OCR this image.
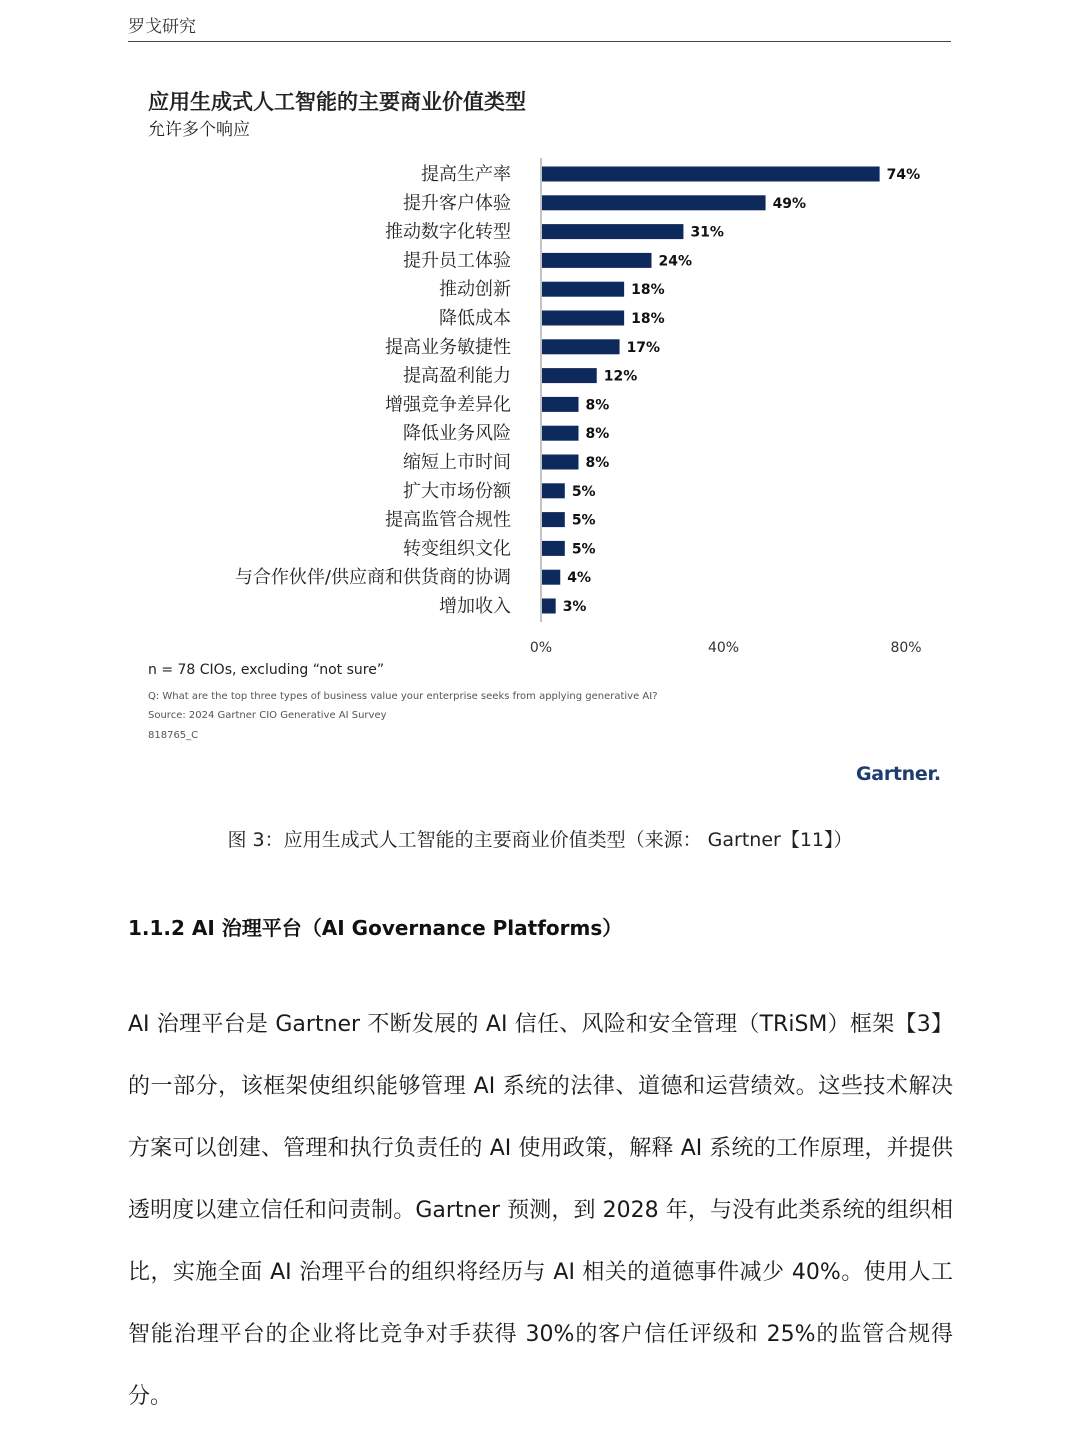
罗戈研究
应用生成式人工智能的主要商业价值类型
允许多个响应
提高生产率	74%
提升客户体验	49%
推动数字化转型	31%
提升员工体验	24%
推动创新	18%
降低成本	18%
提高业务敏捷性	17%
提高盈利能力	12%
增强竞争差异化	8%
降低业务风险	8%
缩短上市时间	8%
扩大市场份额	5%
提高监管合规性	5%
转变组织文化	5%
与合作伙伴/供应商和供货商的协调	4%
增加收入	3%
0%	40%	80%
n = 78 CIOs, excluding “not sure”
Q: What are the top three types of business value your enterprise seeks from applying generative AI?
Source: 2024 Gartner CIO Generative AI Survey
818765_C
Gartner.
图 3：应用生成式人工智能的主要商业价值类型（来源： Gartner【11】）
1.1.2 AI 治理平台（AI Governance Platforms）

AI 治理平台是 Gartner 不断发展的 AI 信任、风险和安全管理（TRiSM）框架【3】的一部分，该框架使组织能够管理 AI 系统的法律、道德和运营绩效。这些技术解决方案可以创建、管理和执行负责任的 AI 使用政策，解释 AI 系统的工作原理，并提供透明度以建立信任和问责制。Gartner 预测，到 2028 年，与没有此类系统的组织相比，实施全面 AI 治理平台的组织将经历与 AI 相关的道德事件减少 40%。使用人工智能治理平台的企业将比竞争对手获得 30%的客户信任评级和 25%的监管合规得分。
